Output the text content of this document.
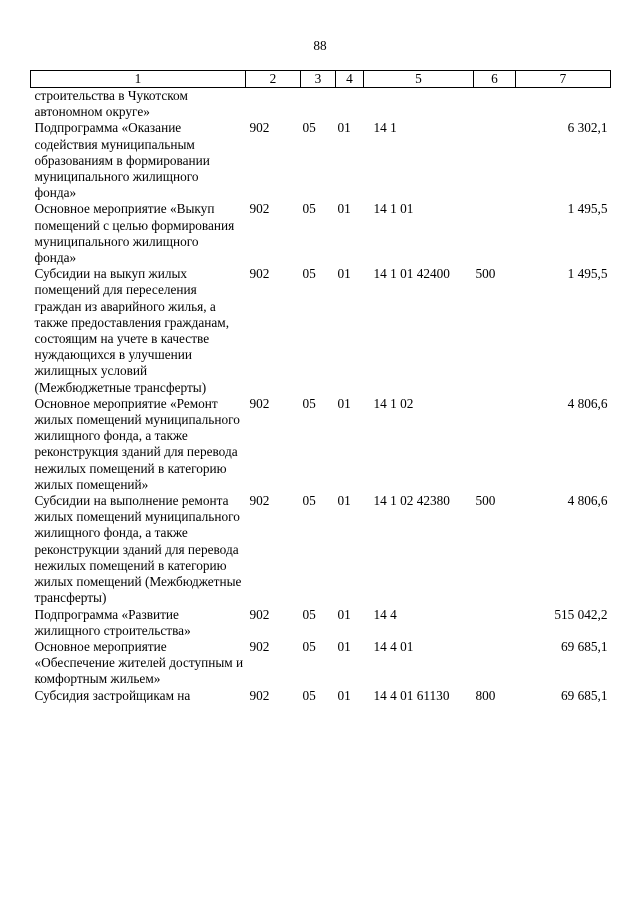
88
1	2	3	4	5	6	7
строительства в Чукотском автономном округе»						
Подпрограмма «Оказание содействия муниципальным образованиям в формировании муниципального жилищного фонда»	902	05	01	14 1		6 302,1
Основное мероприятие «Выкуп помещений с целью формирования муниципального жилищного фонда»	902	05	01	14 1 01		1 495,5
Субсидии на выкуп жилых помещений для переселения граждан из аварийного жилья, а также предоставления гражданам, состоящим на учете в качестве нуждающихся в улучшении жилищных условий (Межбюджетные трансферты)	902	05	01	14 1 01 42400	500	1 495,5
Основное мероприятие «Ремонт жилых помещений муниципального жилищного фонда, а также реконструкция зданий для перевода нежилых помещений в категорию жилых помещений»	902	05	01	14 1 02		4 806,6
Субсидии на выполнение ремонта жилых помещений муниципального жилищного фонда, а также реконструкции зданий для перевода нежилых помещений в категорию жилых помещений (Межбюджетные трансферты)	902	05	01	14 1 02 42380	500	4 806,6
Подпрограмма «Развитие жилищного строительства»	902	05	01	14 4		515 042,2
Основное мероприятие «Обеспечение жителей доступным и комфортным жильем»	902	05	01	14 4 01		69 685,1
Субсидия застройщикам на	902	05	01	14 4 01 61130	800	69 685,1
